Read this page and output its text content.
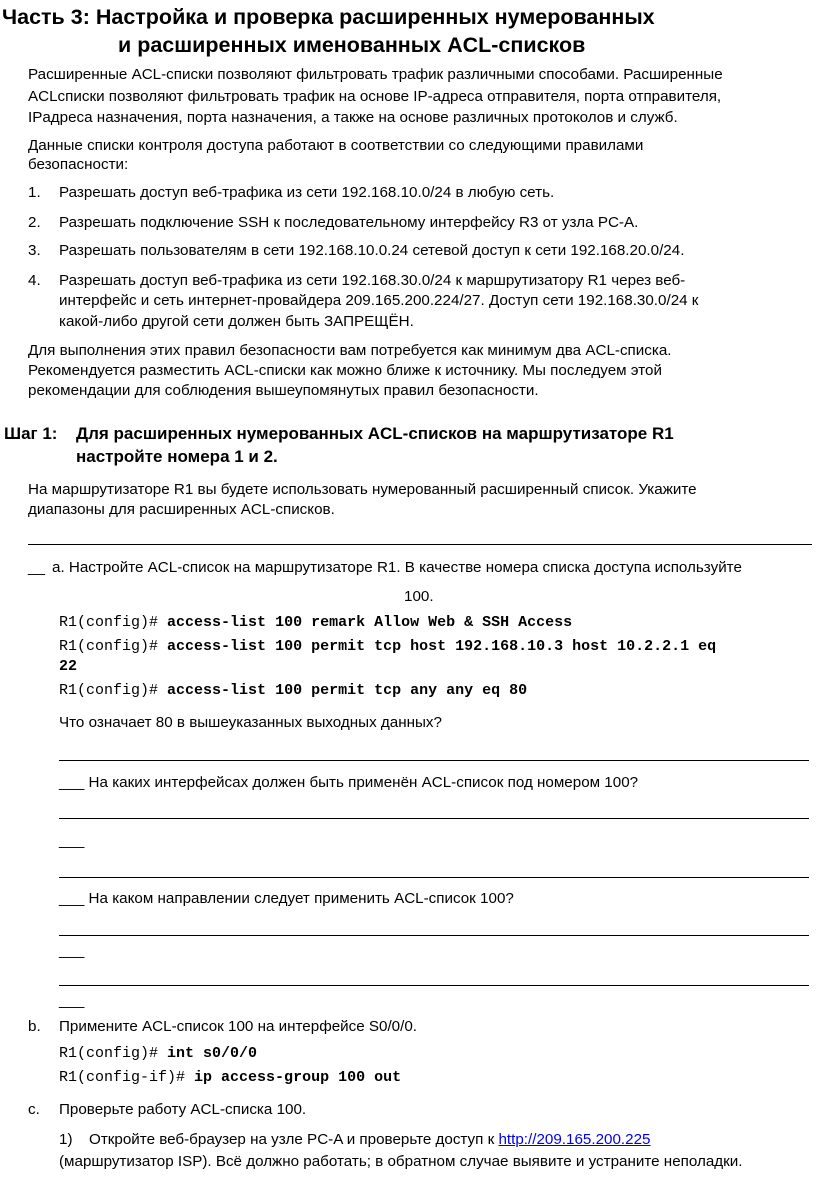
Часть 3: Настройка и проверка расширенных нумерованных
и расширенных именованных ACL-списков
Расширенные ACL-списки позволяют фильтровать трафик различными способами. Расширенные
ACLсписки позволяют фильтровать трафик на основе IP-адреса отправителя, порта отправителя,
IPадреса назначения, порта назначения, а также на основе различных протоколов и служб.
Данные списки контроля доступа работают в соответствии со следующими правилами
безопасности:
1. Разрешать доступ веб-трафика из сети 192.168.10.0/24 в любую сеть.
2. Разрешать подключение SSH к последовательному интерфейсу R3 от узла PC-A.
3. Разрешать пользователям в сети 192.168.10.0.24 сетевой доступ к сети 192.168.20.0/24.
4. Разрешать доступ веб-трафика из сети 192.168.30.0/24 к маршрутизатору R1 через веб-
интерфейс и сеть интернет-провайдера 209.165.200.224/27. Доступ сети 192.168.30.0/24 к
какой-либо другой сети должен быть ЗАПРЕЩЁН.
Для выполнения этих правил безопасности вам потребуется как минимум два ACL-списка.
Рекомендуется разместить ACL-списки как можно ближе к источнику. Мы последуем этой
рекомендации для соблюдения вышеупомянутых правил безопасности.
Шаг 1: Для расширенных нумерованных ACL-списков на маршрутизаторе R1
настройте номера 1 и 2.
На маршрутизаторе R1 вы будете использовать нумерованный расширенный список. Укажите
диапазоны для расширенных ACL-списков.
__ a. Настройте ACL-список на маршрутизаторе R1. В качестве номера списка доступа используйте
100.
R1(config)# access-list 100 remark Allow Web & SSH Access
R1(config)# access-list 100 permit tcp host 192.168.10.3 host 10.2.2.1 eq
22
R1(config)# access-list 100 permit tcp any any eq 80
Что означает 80 в вышеуказанных выходных данных?
___ На каких интерфейсах должен быть применён ACL-список под номером 100?
___
___ На каком направлении следует применить ACL-список 100?
___
___
b. Примените ACL-список 100 на интерфейсе S0/0/0.
R1(config)# int s0/0/0
R1(config-if)# ip access-group 100 out
c. Проверьте работу ACL-списка 100.
1) Откройте веб-браузер на узле PC-A и проверьте доступ к http://209.165.200.225
(маршрутизатор ISP). Всё должно работать; в обратном случае выявите и устраните неполадки.
